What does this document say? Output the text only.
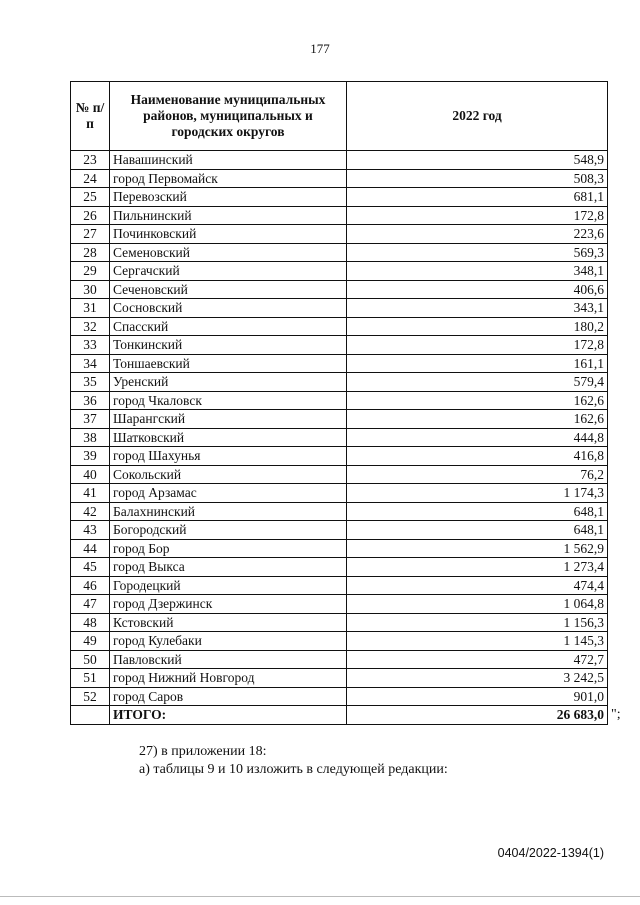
177
№ п/п	Наименование муниципальных районов, муниципальных и городских округов	2022 год
23	Навашинский	548,9
24	город Первомайск	508,3
25	Перевозский	681,1
26	Пильнинский	172,8
27	Починковский	223,6
28	Семеновский	569,3
29	Сергачский	348,1
30	Сеченовский	406,6
31	Сосновский	343,1
32	Спасский	180,2
33	Тонкинский	172,8
34	Тоншаевский	161,1
35	Уренский	579,4
36	город Чкаловск	162,6
37	Шарангский	162,6
38	Шатковский	444,8
39	город Шахунья	416,8
40	Сокольский	76,2
41	город Арзамас	1 174,3
42	Балахнинский	648,1
43	Богородский	648,1
44	город Бор	1 562,9
45	город Выкса	1 273,4
46	Городецкий	474,4
47	город Дзержинск	1 064,8
48	Кстовский	1 156,3
49	город Кулебаки	1 145,3
50	Павловский	472,7
51	город Нижний Новгород	3 242,5
52	город Саров	901,0
	ИТОГО:	26 683,0 ";
27) в приложении 18:
а) таблицы 9 и 10 изложить в следующей редакции:
0404/2022-1394(1)
